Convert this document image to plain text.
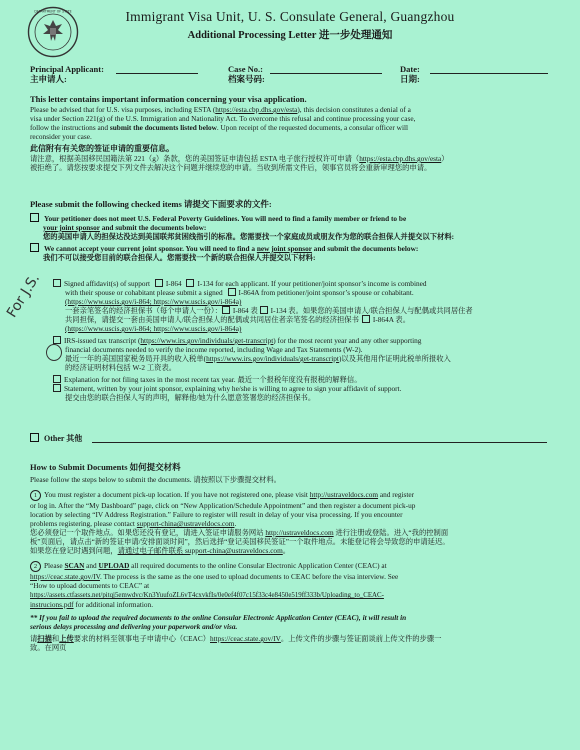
DEPARTMENT OF STATE	Immigrant Visa Unit, U. S. Consulate General, Guangzhou
Additional Processing Letter 进一步处理通知
Principal Applicant:
主申请人:
Case No.:
档案号码:
Date:
日期:
This letter contains important information concerning your visa application.
Please be advised that for U.S. visa purposes, including ESTA (https://esta.cbp.dhs.gov/esta), this decision constitutes a denial of a
visa under Section 221(g) of the U.S. Immigration and Nationality Act. To overcome this refusal and continue processing your case,
follow the instructions and submit the documents listed below. Upon receipt of the requested documents, a consular officer will
reconsider your case.
此信附有有关您的签证申请的重要信息。
请注意，根据美国移民国籍法第 221（g）条款，您的美国签证申请包括 ESTA 电子旅行授权许可申请（https://esta.cbp.dhs.gov/esta）
被拒绝了。请您按要求提交下列文件去解决这个问题并继续您的申请。当收到所需文件后，领事官员将会重新审理您的申请。
Please submit the following checked items 请提交下面要求的文件:
Your petitioner does not meet U.S. Federal Poverty Guidelines. You will need to find a family member or friend to be
your joint sponsor and submit the documents below:
您的美国申请人的担保达没达到美国联邦贫困线指引的标准。您需要找一个家庭成员或朋友作为您的联合担保人并提交以下材料:
We cannot accept your current joint sponsor. You will need to find a new joint sponsor and submit the documents below:
我们不可以接受您目前的联合担保人。您需要找一个新的联合担保人并提交以下材料:
Signed affidavit(s) of support I-864 I-134 for each applicant. If your petitioner/joint sponsor’s income is combined
with their spouse or cohabitant please submit a signed I-864A from petitioner/joint sponsor’s spouse or cohabitant.
(https://www.uscis.gov/i-864; https://www.uscis.gov/i-864a)
一套亲笔签名的经济担保书（每个申请人一份）： I-864 表 I-134 表。如果您的美国申请人/联合担保人与配偶或共同居住者
共同担保，请提交一套由美国申请人/联合担保人的配偶或共同居住者亲笔签名的经济担保书 I-864A 表。
(https://www.uscis.gov/i-864; https://www.uscis.gov/i-864a)
IRS-issued tax transcript (https://www.irs.gov/individuals/get-transcript) for the most recent year and any other supporting
financial documents needed to verify the income reported, including Wage and Tax Statements (W-2).
最近一年的美国国家税务局开具的收入税单(https://www.irs.gov/individuals/get-transcript)以及其他用作证明此税单所报收入
的经济证明材料包括 W-2 工资表。
Explanation for not filing taxes in the most recent tax year. 最近一个报税年度没有报税的解释信。
Statement, written by your joint sponsor, explaining why he/she is willing to agree to sign your affidavit of support.
提交由您的联合担保人写的声明，解释他/她为什么愿意签署您的经济担保书。
Other 其他
For J.S.
How to Submit Documents 如何提交材料
Please follow the steps below to submit the documents. 请按照以下步骤提交材料。
1 You must register a document pick-up location. If you have not registered one, please visit http://ustraveldocs.com and register
or log in. After the “My Dashboard” page, click on “New Application/Schedule Appointment” and then register a document pick-up
location by selecting “IV Address Registration.” Failure to register will result in delay of your visa processing. If you encounter
problems registering, please contact support-china@ustraveldocs.com.
您必须登记一个取件地点。如果您还没有登记，请进入签证申请服务网站 http://ustraveldocs.com 进行注册或登陆。进入“我的控制面
板”页面后，请点击“新的签证申请/安排面谈时间”，然后选择“登记美国移民签证”一个取件地点。未能登记将会导致您的申请延迟。
如果您在登记时遇到问题，请通过电子邮件联系 support-china@ustraveldocs.com。
2 Please SCAN and UPLOAD all required documents to the online Consular Electronic Application Center (CEAC) at
https://ceac.state.gov/IV. The process is the same as the one used to upload documents to CEAC before the visa interview. See
“How to upload documents to CEAC” at
https://assets.ctfassets.net/pitqj5emwdvc/Kn3YuufoZL6vT4cxvkfIs/0e0ef4f07c15f33c4e8450e519ff333b/Uploading_to_CEAC-
instrucions.pdf for additional information.
** If you fail to upload the required documents to the online Consular Electronic Application Center (CEAC), it will result in
serious delays processing and delivering your paperwork and/or visa.
请扫描和上传要求的材料至领事电子申请中心（CEAC）https://ceac.state.gov/IV。上传文件的步骤与签证面谈前上传文件的步骤一
致。在网页
